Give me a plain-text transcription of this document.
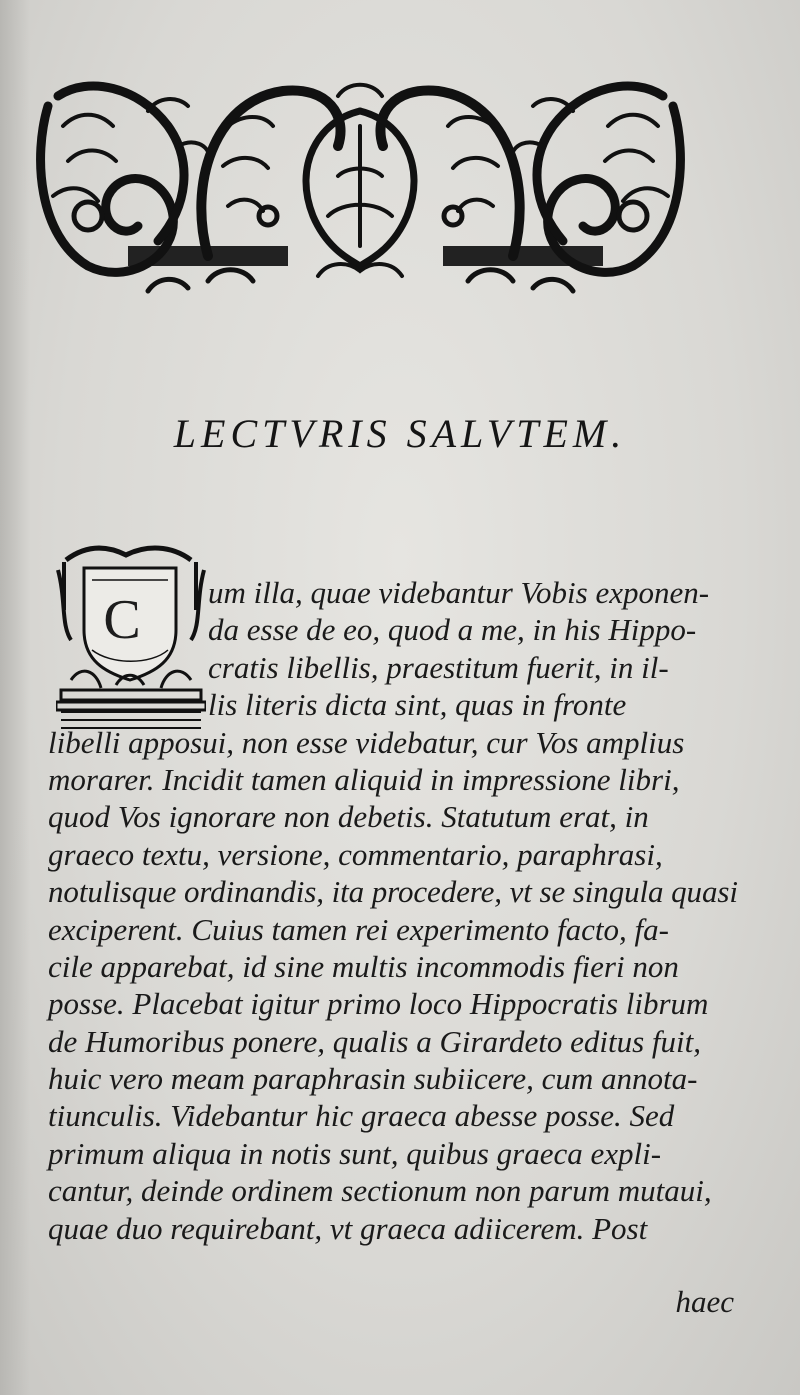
LECTVRIS SALVTEM.
C	um illa, quae videbantur Vobis exponen-
da esse de eo, quod a me, in his Hippo-
cratis libellis, praestitum fuerit, in il-
lis literis dicta sint, quas in fronte
libelli apposui, non esse videbatur, cur Vos amplius
morarer. Incidit tamen aliquid in impressione libri,
quod Vos ignorare non debetis. Statutum erat, in
graeco textu, versione, commentario, paraphrasi,
notulisque ordinandis, ita procedere, vt se singula quasi
exciperent. Cuius tamen rei experimento facto, fa-
cile apparebat, id sine multis incommodis fieri non
posse. Placebat igitur primo loco Hippocratis librum
de Humoribus ponere, qualis a Girardeto editus fuit,
huic vero meam paraphrasin subiicere, cum annota-
tiunculis. Videbantur hic graeca abesse posse. Sed
primum aliqua in notis sunt, quibus graeca expli-
cantur, deinde ordinem sectionum non parum mutaui,
quae duo requirebant, vt graeca adiicerem. Post
haec
